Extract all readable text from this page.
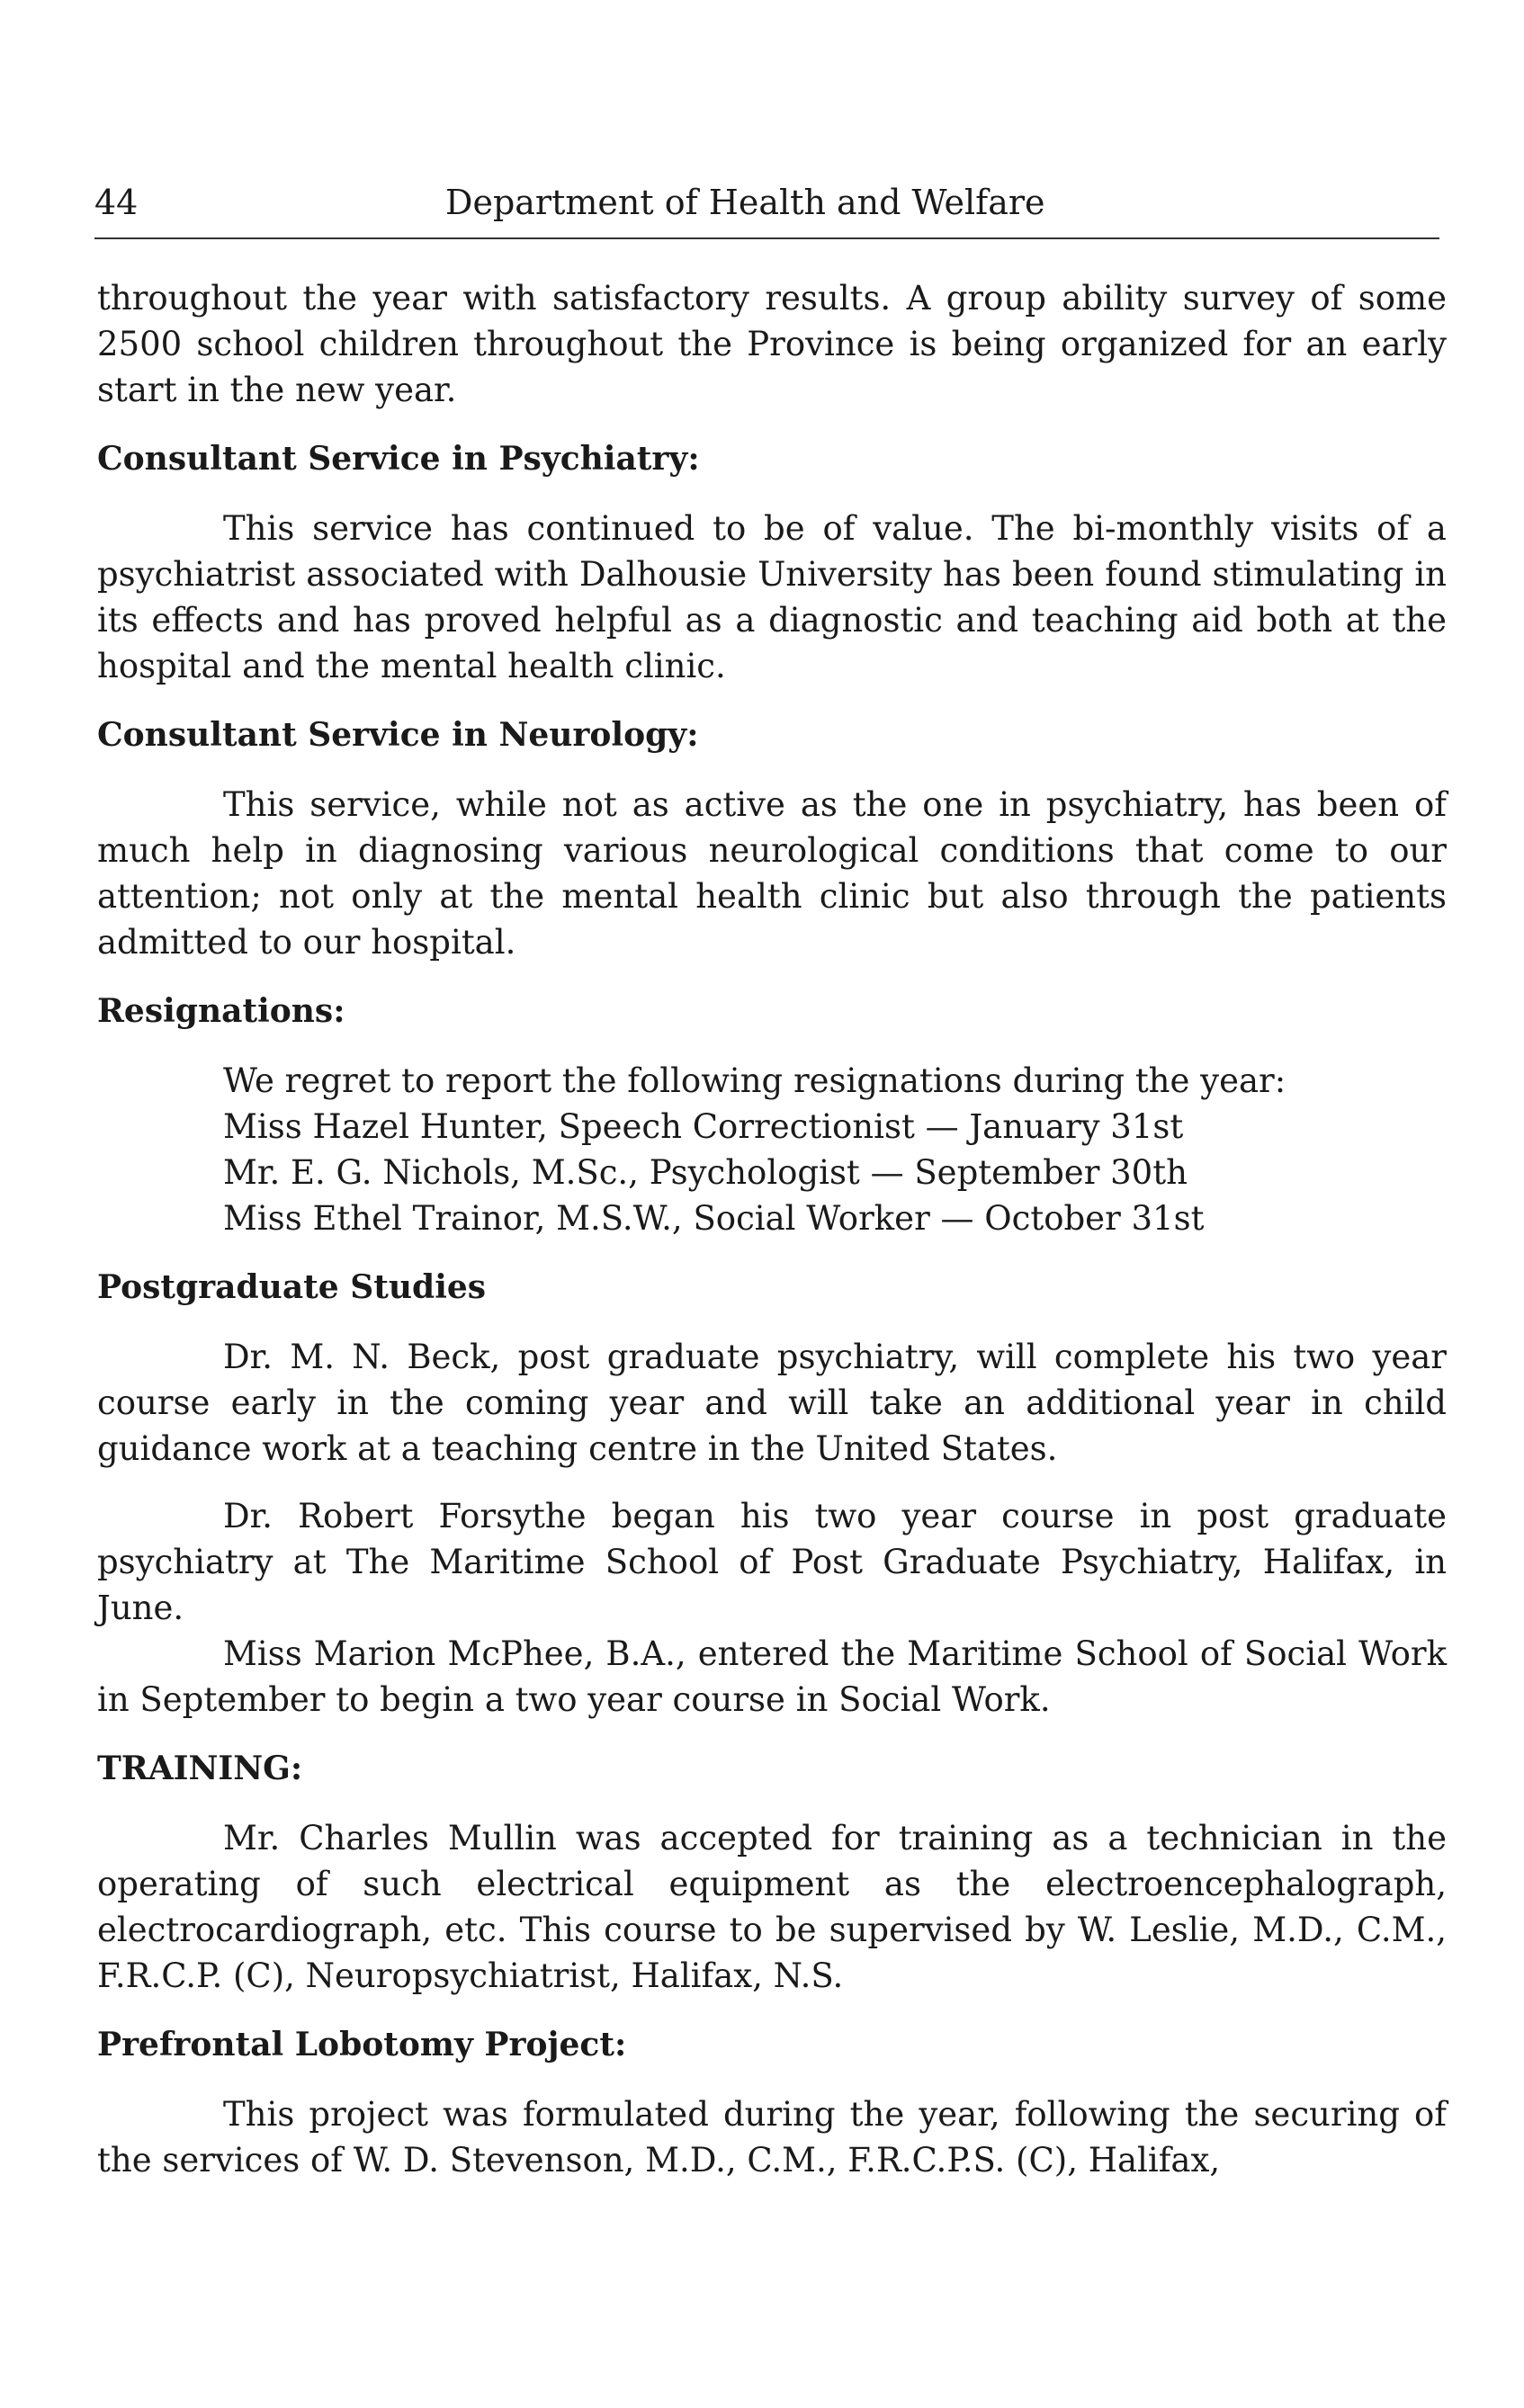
44	Department of Health and Welfare

throughout the year with satisfactory results. A group ability survey of some 2500 school children throughout the Province is being organized for an early start in the new year.

Consultant Service in Psychiatry:

This service has continued to be of value. The bi-monthly visits of a psychiatrist associated with Dalhousie University has been found stimulating in its effects and has proved helpful as a diagnostic and teaching aid both at the hospital and the mental health clinic.

Consultant Service in Neurology:

This service, while not as active as the one in psychiatry, has been of much help in diagnosing various neurological conditions that come to our attention; not only at the mental health clinic but also through the patients admitted to our hospital.

Resignations:

We regret to report the following resignations during the year:
Miss Hazel Hunter, Speech Correctionist — January 31st
Mr. E. G. Nichols, M.Sc., Psychologist — September 30th
Miss Ethel Trainor, M.S.W., Social Worker — October 31st

Postgraduate Studies

Dr. M. N. Beck, post graduate psychiatry, will complete his two year course early in the coming year and will take an additional year in child guidance work at a teaching centre in the United States.

Dr. Robert Forsythe began his two year course in post graduate psychiatry at The Maritime School of Post Graduate Psychiatry, Halifax, in June.

Miss Marion McPhee, B.A., entered the Maritime School of Social Work in September to begin a two year course in Social Work.

TRAINING:

Mr. Charles Mullin was accepted for training as a technician in the operating of such electrical equipment as the electroencephalograph, electrocardiograph, etc. This course to be supervised by W. Leslie, M.D., C.M., F.R.C.P. (C), Neuropsychiatrist, Halifax, N.S.

Prefrontal Lobotomy Project:

This project was formulated during the year, following the securing of the services of W. D. Stevenson, M.D., C.M., F.R.C.P.S. (C), Halifax,
